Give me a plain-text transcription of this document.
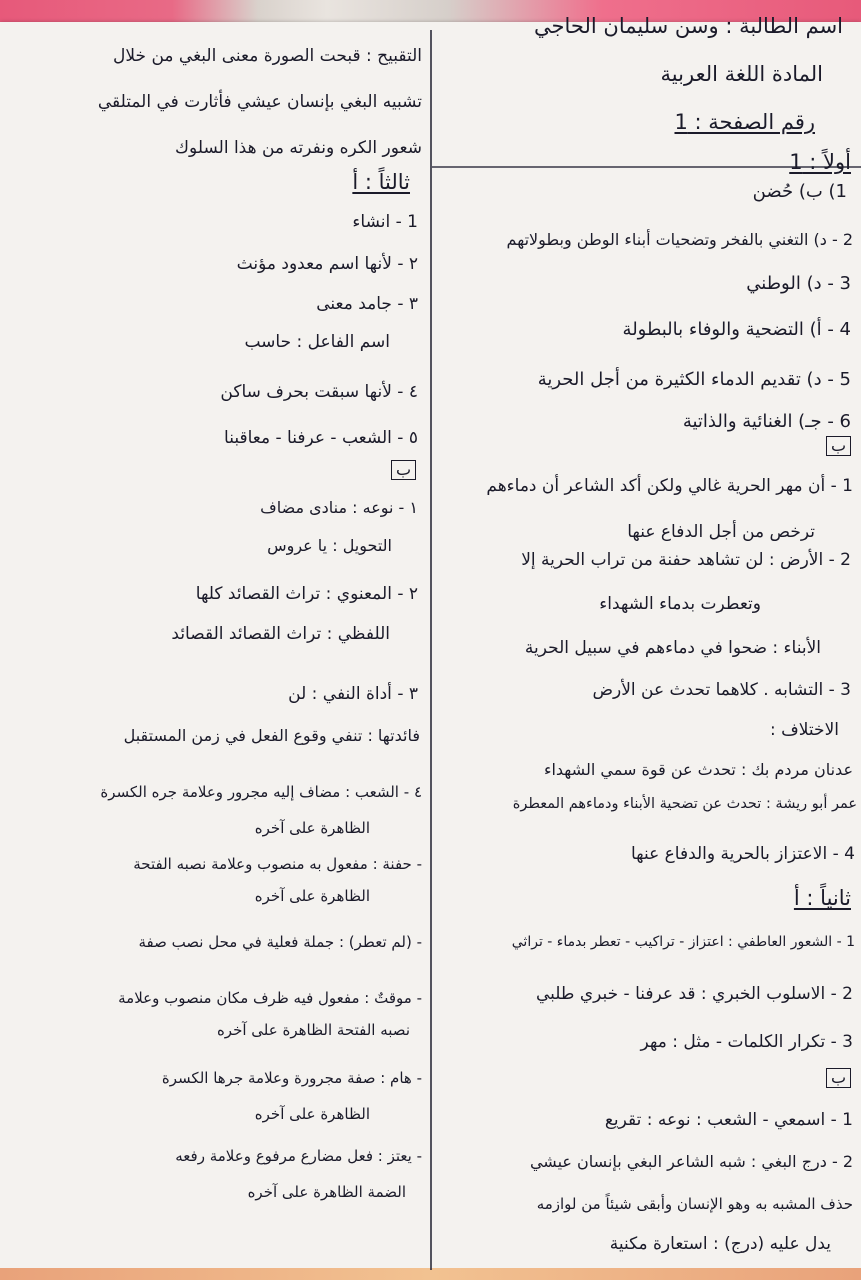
اسم الطالبة : وسن سليمان الحاجي
المادة اللغة العربية
رقم الصفحة : 1
أولاً : 1
1) ب) حُضن
2 - د) التغني بالفخر وتضحيات أبناء الوطن وبطولاتهم
3 - د) الوطني
4 - أ) التضحية والوفاء بالبطولة
5 - د) تقديم الدماء الكثيرة من أجل الحرية
6 - جـ) الغنائية والذاتية
ب
1 - أن مهر الحرية غالي ولكن أكد الشاعر أن دماءهم
ترخص من أجل الدفاع عنها
2 - الأرض : لن تشاهد حفنة من تراب الحرية إلا
وتعطرت بدماء الشهداء
الأبناء : ضحوا في دماءهم في سبيل الحرية
3 - التشابه . كلاهما تحدث عن الأرض
الاختلاف :
عدنان مردم بك : تحدث عن قوة سمي الشهداء
عمر أبو ريشة : تحدث عن تضحية الأبناء ودماءهم المعطرة
4 - الاعتزاز بالحرية والدفاع عنها
ثانياً : أ
1 - الشعور العاطفي : اعتزاز - تراكيب - تعطر بدماء - تراثي
2 - الاسلوب الخبري : قد عرفنا - خبري طلبي
3 - تكرار الكلمات - مثل : مهر
ب
1 - اسمعي - الشعب : نوعه : تقريع
2 - درج البغي : شبه الشاعر البغي بإنسان عيشي
حذف المشبه به وهو الإنسان وأبقى شيئاً من لوازمه
يدل عليه (درج) : استعارة مكنية
التقبيح : قبحت الصورة معنى البغي من خلال
تشبيه البغي بإنسان عيشي فأثارت في المتلقي
شعور الكره ونفرته من هذا السلوك
ثالثاً : أ
1 - انشاء
٢ - لأنها اسم معدود مؤنث
٣ - جامد معنى
اسم الفاعل : حاسب
٤ - لأنها سبقت بحرف ساكن
٥ - الشعب - عرفنا - معاقبنا
ب
١ - نوعه : منادى مضاف
التحويل : يا عروس
٢ - المعنوي : تراث القصائد كلها
اللفظي : تراث القصائد القصائد
٣ - أداة النفي : لن
فائدتها : تنفي وقوع الفعل في زمن المستقبل
٤ - الشعب : مضاف إليه مجرور وعلامة جره الكسرة
الظاهرة على آخره
- حفنة : مفعول به منصوب وعلامة نصبه الفتحة
الظاهرة على آخره
- (لم تعطر) : جملة فعلية في محل نصب صفة
- موقتٌ : مفعول فيه ظرف مكان منصوب وعلامة
نصبه الفتحة الظاهرة على آخره
- هام : صفة مجرورة وعلامة جرها الكسرة
الظاهرة على آخره
- يعتز : فعل مضارع مرفوع وعلامة رفعه
الضمة الظاهرة على آخره
